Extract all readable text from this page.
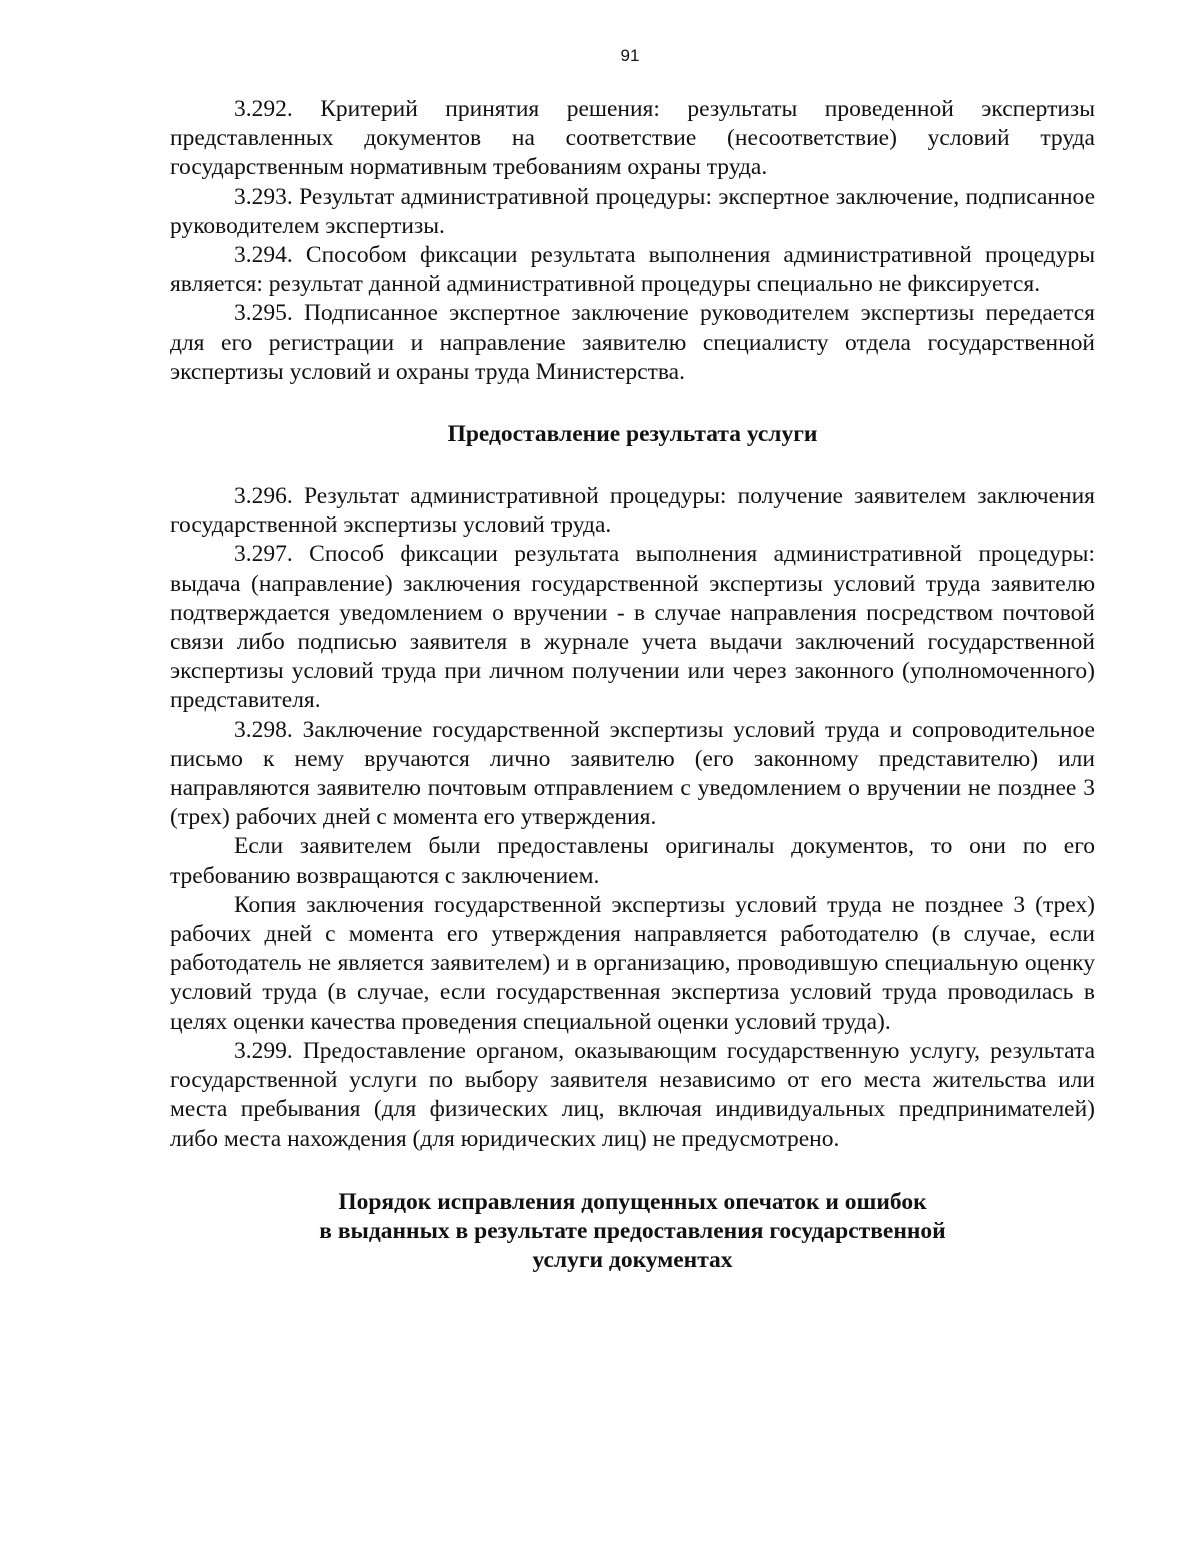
91

3.292. Критерий принятия решения: результаты проведенной экспертизы представленных документов на соответствие (несоответствие) условий труда государственным нормативным требованиям охраны труда.

3.293. Результат административной процедуры: экспертное заключение, подписанное руководителем экспертизы.

3.294. Способом фиксации результата выполнения административной процедуры является: результат данной административной процедуры специально не фиксируется.

3.295. Подписанное экспертное заключение руководителем экспертизы передается для его регистрации и направление заявителю специалисту отдела государственной экспертизы условий и охраны труда Министерства.

Предоставление результата услуги

3.296. Результат административной процедуры: получение заявителем заключения государственной экспертизы условий труда.

3.297. Способ фиксации результата выполнения административной процедуры: выдача (направление) заключения государственной экспертизы условий труда заявителю подтверждается уведомлением о вручении - в случае направления посредством почтовой связи либо подписью заявителя в журнале учета выдачи заключений государственной экспертизы условий труда при личном получении или через законного (уполномоченного) представителя.

3.298. Заключение государственной экспертизы условий труда и сопроводительное письмо к нему вручаются лично заявителю (его законному представителю) или направляются заявителю почтовым отправлением с уведомлением о вручении не позднее 3 (трех) рабочих дней с момента его утверждения.

Если заявителем были предоставлены оригиналы документов, то они по его требованию возвращаются с заключением.

Копия заключения государственной экспертизы условий труда не позднее 3 (трех) рабочих дней с момента его утверждения направляется работодателю (в случае, если работодатель не является заявителем) и в организацию, проводившую специальную оценку условий труда (в случае, если государственная экспертиза условий труда проводилась в целях оценки качества проведения специальной оценки условий труда).

3.299. Предоставление органом, оказывающим государственную услугу, результата государственной услуги по выбору заявителя независимо от его места жительства или места пребывания (для физических лиц, включая индивидуальных предпринимателей) либо места нахождения (для юридических лиц) не предусмотрено.

Порядок исправления допущенных опечаток и ошибок
в выданных в результате предоставления государственной
услуги документах
